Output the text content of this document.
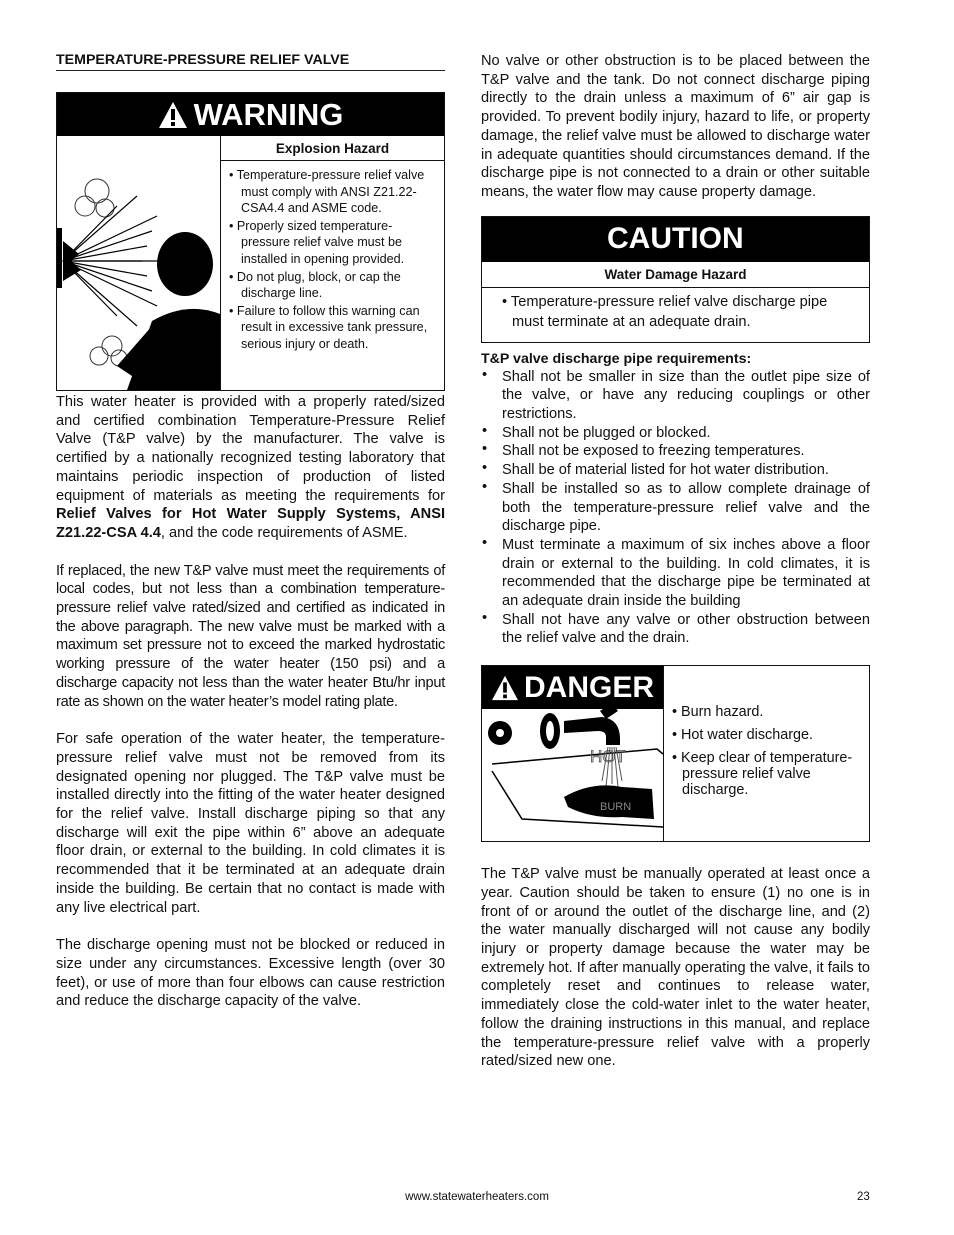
TEMPERATURE-PRESSURE RELIEF VALVE
WARNING
Explosion Hazard
• Temperature-pressure relief valve must comply with ANSI Z21.22-CSA4.4 and ASME code.
• Properly sized temperature-pressure relief valve must be installed in opening provided.
• Do not plug, block, or cap the discharge line.
• Failure to follow this warning can result in excessive tank pressure, serious injury or death.

This water heater is provided with a properly rated/sized and certified combination Temperature-Pressure Relief Valve (T&P valve) by the manufacturer. The valve is certified by a nationally recognized testing laboratory that maintains periodic inspection of production of listed equipment of materials as meeting the requirements for Relief Valves for Hot Water Supply Systems, ANSI Z21.22-CSA 4.4, and the code requirements of ASME.

If replaced, the new T&P valve must meet the requirements of local codes, but not less than a combination temperature-pressure relief valve rated/sized and certified as indicated in the above paragraph. The new valve must be marked with a maximum set pressure not to exceed the marked hydrostatic working pressure of the water heater (150 psi) and a discharge capacity not less than the water heater Btu/hr input rate as shown on the water heater’s model rating plate.

For safe operation of the water heater, the temperature-pressure relief valve must not be removed from its designated opening nor plugged. The T&P valve must be installed directly into the fitting of the water heater designed for the relief valve. Install discharge piping so that any discharge will exit the pipe within 6” above an adequate floor drain, or external to the building. In cold climates it is recommended that it be terminated at an adequate drain inside the building. Be certain that no contact is made with any live electrical part.

The discharge opening must not be blocked or reduced in size under any circumstances. Excessive length (over 30 feet), or use of more than four elbows can cause restriction and reduce the discharge capacity of the valve.

No valve or other obstruction is to be placed between the T&P valve and the tank. Do not connect discharge piping directly to the drain unless a maximum of 6” air gap is provided. To prevent bodily injury, hazard to life, or property damage, the relief valve must be allowed to discharge water in adequate quantities should circumstances demand. If the discharge pipe is not connected to a drain or other suitable means, the water flow may cause property damage.

CAUTION
Water Damage Hazard
• Temperature-pressure relief valve discharge pipe
must terminate at an adequate drain.
T&P valve discharge pipe requirements:
• Shall not be smaller in size than the outlet pipe size of the valve, or have any reducing couplings or other restrictions.
• Shall not be plugged or blocked.
• Shall not be exposed to freezing temperatures.
• Shall be of material listed for hot water distribution.
• Shall be installed so as to allow complete drainage of both the temperature-pressure relief valve and the discharge pipe.
• Must terminate a maximum of six inches above a floor drain or external to the building. In cold climates, it is recommended that the discharge pipe be terminated at an adequate drain inside the building
• Shall not have any valve or other obstruction between the relief valve and the drain.
DANGER
HOT
BURN
• Burn hazard.
• Hot water discharge.
• Keep clear of temperature-pressure relief valve discharge.

The T&P valve must be manually operated at least once a year. Caution should be taken to ensure (1) no one is in front of or around the outlet of the discharge line, and (2) the water manually discharged will not cause any bodily injury or property damage because the water may be extremely hot. If after manually operating the valve, it fails to completely reset and continues to release water, immediately close the cold-water inlet to the water heater, follow the draining instructions in this manual, and replace the temperature-pressure relief valve with a properly rated/sized new one.

www.statewaterheaters.com	23
